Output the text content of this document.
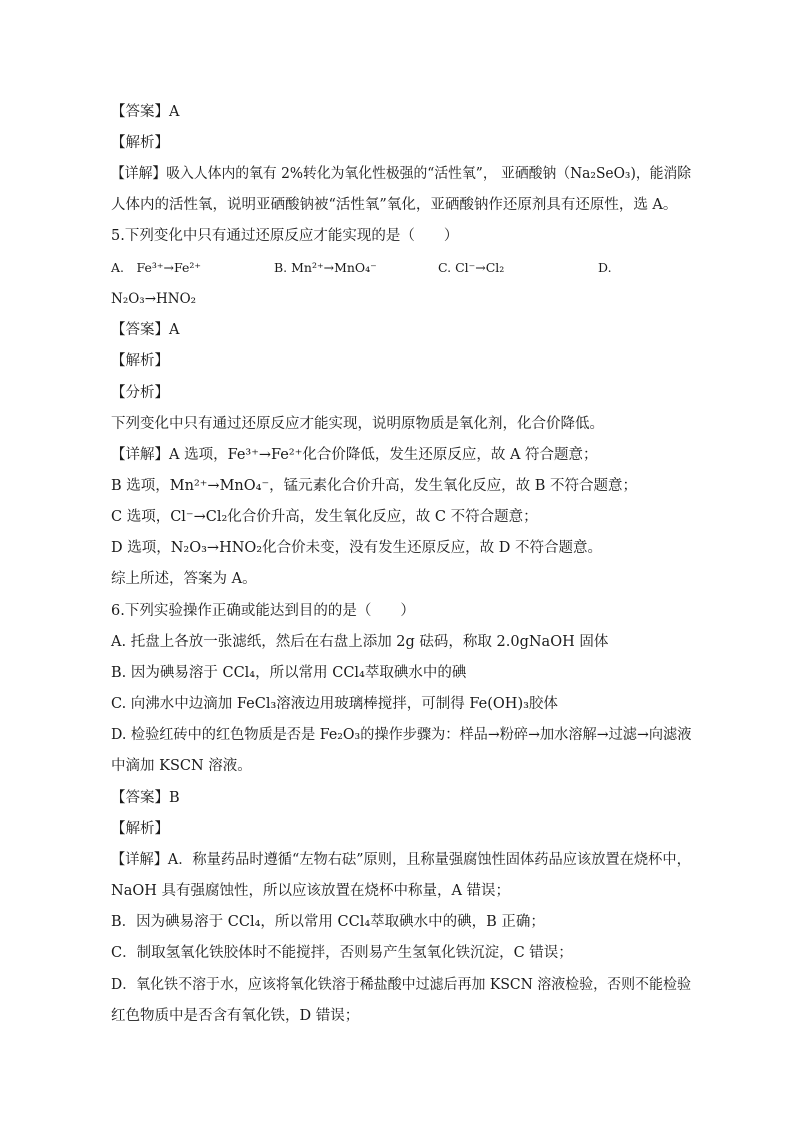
【答案】A
【解析】
【详解】吸入人体内的氧有 2%转化为氧化性极强的“活性氧”， 亚硒酸钠（Na₂SeO₃)，能消除
人体内的活性氧，说明亚硒酸钠被“活性氧”氧化，亚硒酸钠作还原剂具有还原性，选 A。
5.下列变化中只有通过还原反应才能实现的是（　　）
A.　Fe³⁺→Fe²⁺	B. Mn²⁺→MnO₄⁻	C. Cl⁻→Cl₂	D.
N₂O₃→HNO₂
【答案】A
【解析】
【分析】
下列变化中只有通过还原反应才能实现，说明原物质是氧化剂，化合价降低。
【详解】A 选项，Fe³⁺→Fe²⁺化合价降低，发生还原反应，故 A 符合题意；
B 选项，Mn²⁺→MnO₄⁻，锰元素化合价升高，发生氧化反应，故 B 不符合题意；
C 选项，Cl⁻→Cl₂化合价升高，发生氧化反应，故 C 不符合题意；
D 选项，N₂O₃→HNO₂化合价未变，没有发生还原反应，故 D 不符合题意。
综上所述，答案为 A。
6.下列实验操作正确或能达到目的的是（　　）
A. 托盘上各放一张滤纸，然后在右盘上添加 2g 砝码，称取 2.0gNaOH 固体
B. 因为碘易溶于 CCl₄，所以常用 CCl₄萃取碘水中的碘
C. 向沸水中边滴加 FeCl₃溶液边用玻璃棒搅拌，可制得 Fe(OH)₃胶体
D. 检验红砖中的红色物质是否是 Fe₂O₃的操作步骤为：样品→粉碎→加水溶解→过滤→向滤液
中滴加 KSCN 溶液。
【答案】B
【解析】
【详解】A．称量药品时遵循“左物右砝”原则，且称量强腐蚀性固体药品应该放置在烧杯中，
NaOH 具有强腐蚀性，所以应该放置在烧杯中称量，A 错误；
B．因为碘易溶于 CCl₄，所以常用 CCl₄萃取碘水中的碘，B 正确；
C．制取氢氧化铁胶体时不能搅拌，否则易产生氢氧化铁沉淀，C 错误；
D．氧化铁不溶于水，应该将氧化铁溶于稀盐酸中过滤后再加 KSCN 溶液检验，否则不能检验
红色物质中是否含有氧化铁，D 错误；
